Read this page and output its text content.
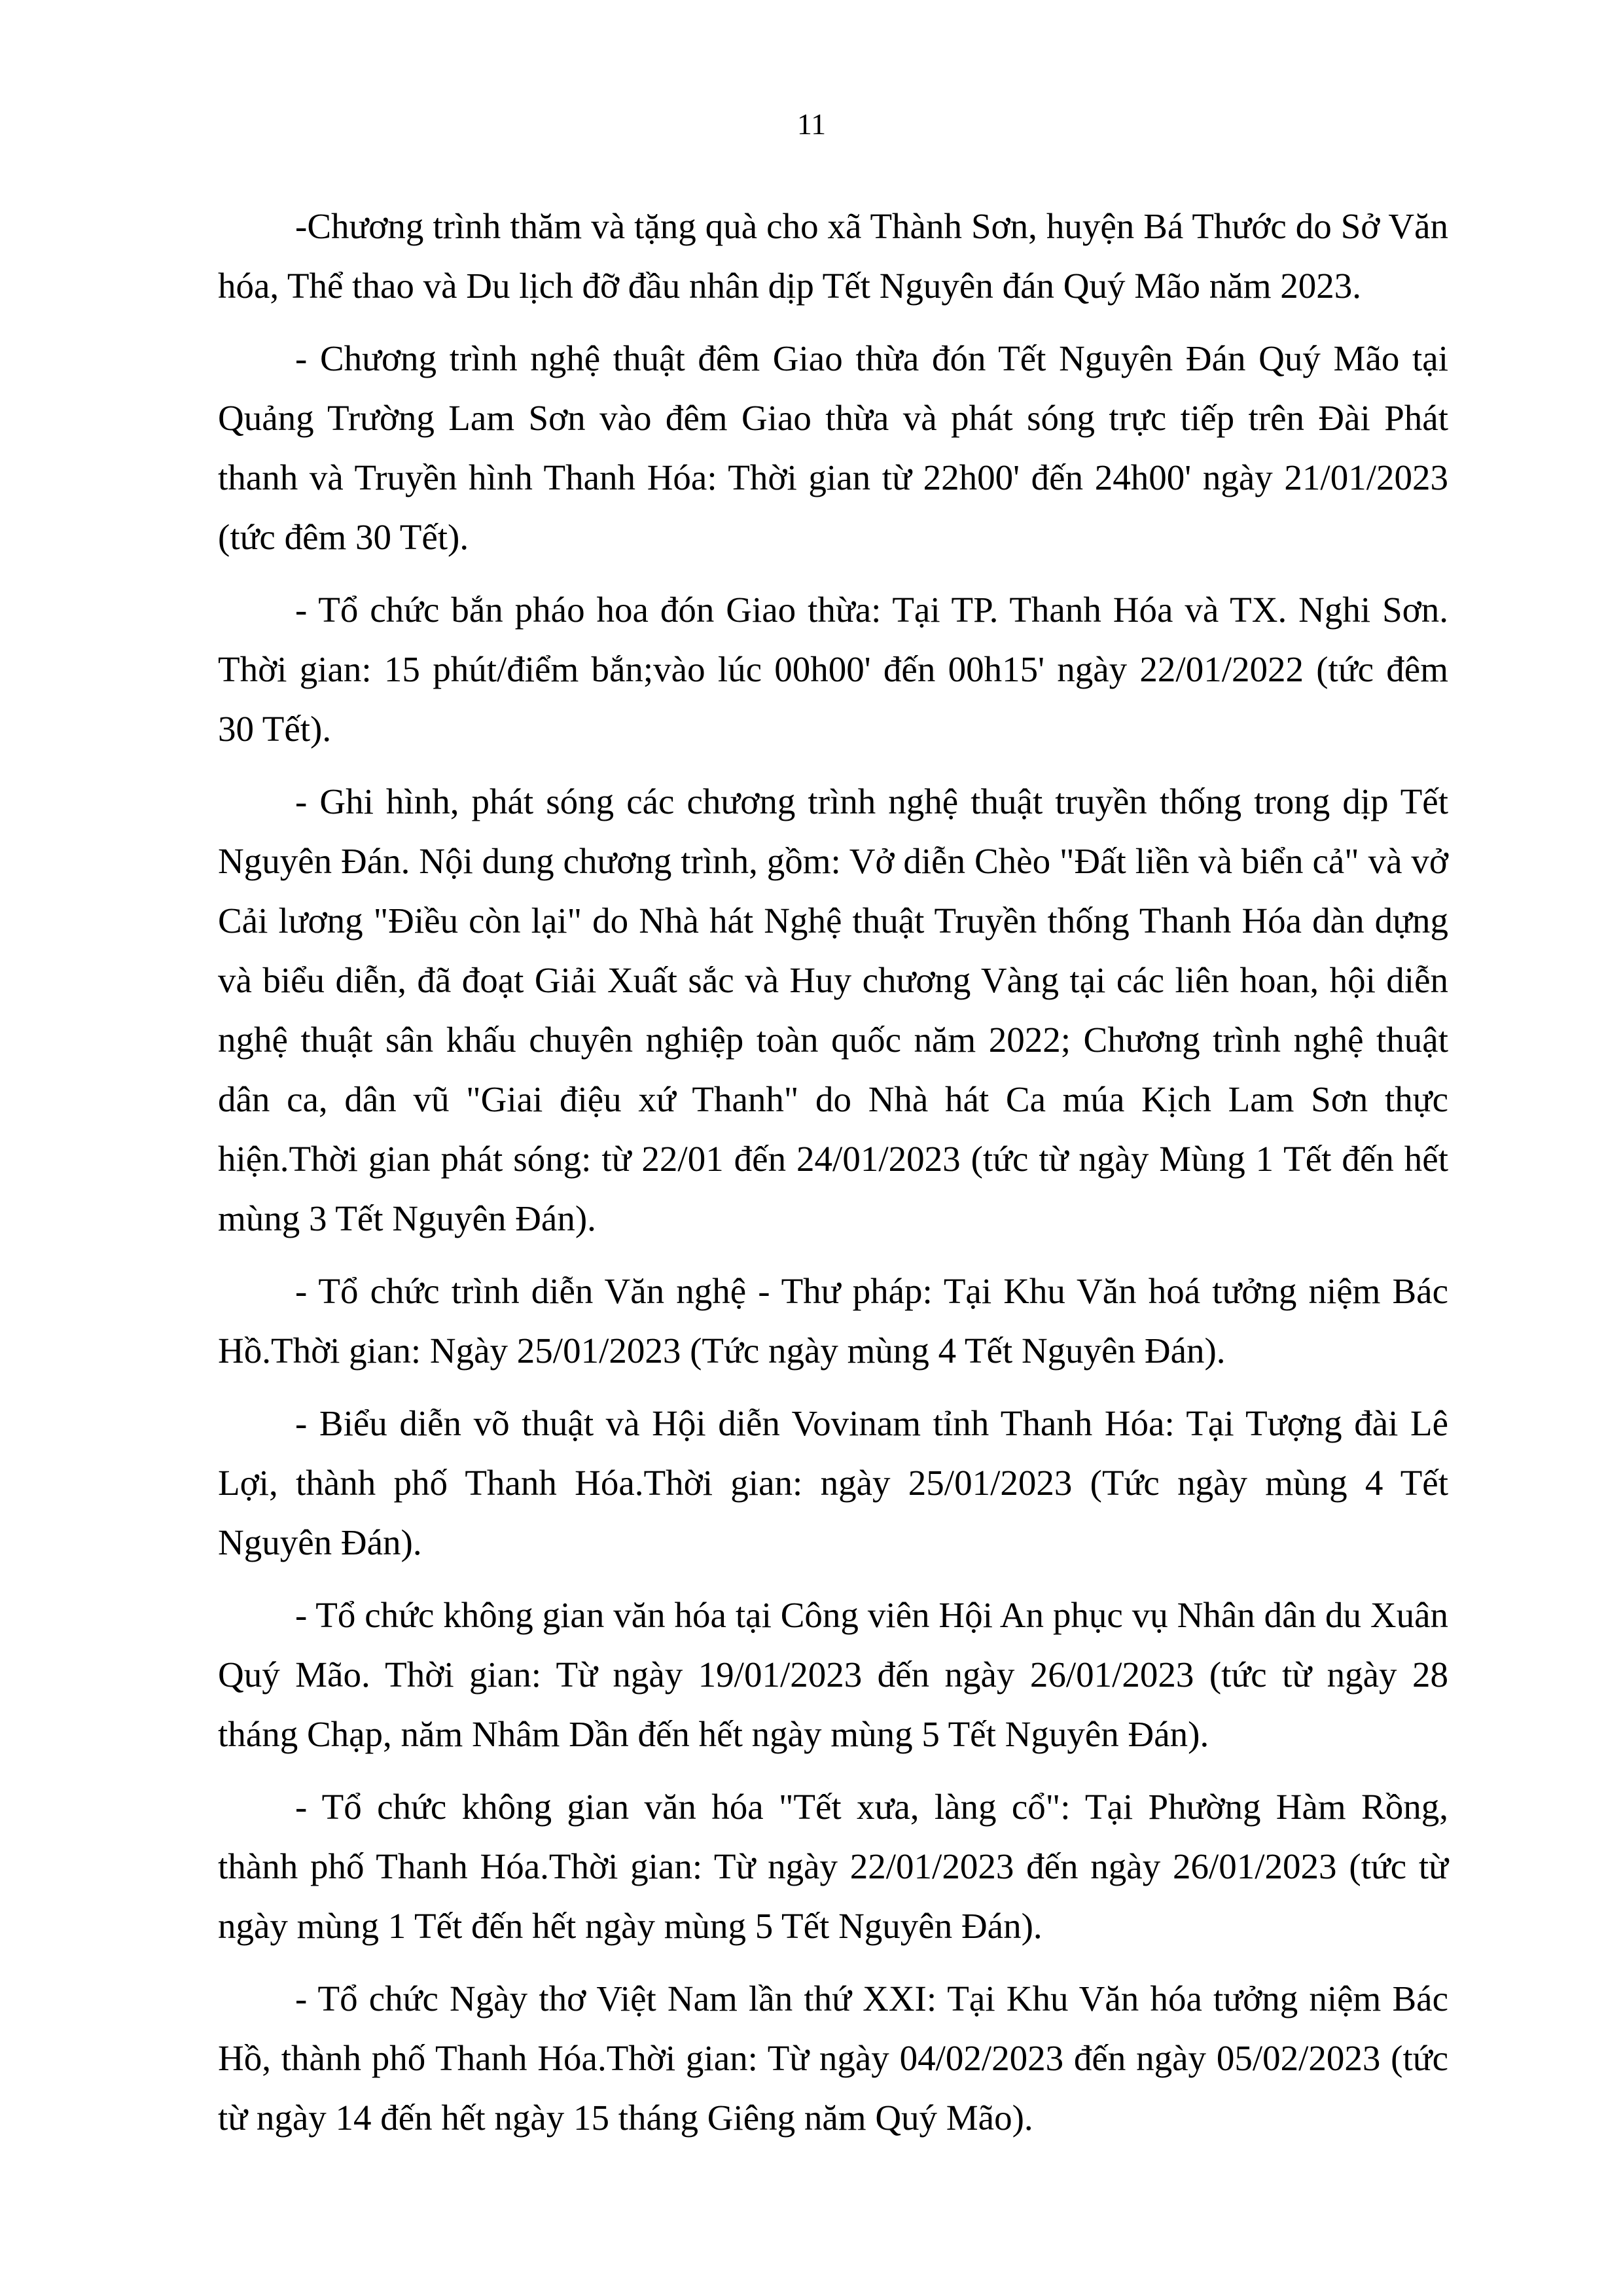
11

-Chương trình thăm và tặng quà cho xã Thành Sơn, huyện Bá Thước do Sở Văn hóa, Thể thao và Du lịch đỡ đầu nhân dịp Tết Nguyên đán Quý Mão năm 2023.

- Chương trình nghệ thuật đêm Giao thừa đón Tết Nguyên Đán Quý Mão tại Quảng Trường Lam Sơn vào đêm Giao thừa và phát sóng trực tiếp trên Đài Phát thanh và Truyền hình Thanh Hóa: Thời gian từ 22h00' đến 24h00' ngày 21/01/2023 (tức đêm 30 Tết).

- Tổ chức bắn pháo hoa đón Giao thừa: Tại TP. Thanh Hóa và TX. Nghi Sơn. Thời gian: 15 phút/điểm bắn;vào lúc 00h00' đến 00h15' ngày 22/01/2022 (tức đêm 30 Tết).

- Ghi hình, phát sóng các chương trình nghệ thuật truyền thống trong dịp Tết Nguyên Đán. Nội dung chương trình, gồm: Vở diễn Chèo "Đất liền và biển cả" và vở Cải lương "Điều còn lại" do Nhà hát Nghệ thuật Truyền thống Thanh Hóa dàn dựng và biểu diễn, đã đoạt Giải Xuất sắc và Huy chương Vàng tại các liên hoan, hội diễn nghệ thuật sân khấu chuyên nghiệp toàn quốc năm 2022; Chương trình nghệ thuật dân ca, dân vũ "Giai điệu xứ Thanh" do Nhà hát Ca múa Kịch Lam Sơn thực hiện.Thời gian phát sóng: từ 22/01 đến 24/01/2023 (tức từ ngày Mùng 1 Tết đến hết mùng 3 Tết Nguyên Đán).

- Tổ chức trình diễn Văn nghệ - Thư pháp: Tại Khu Văn hoá tưởng niệm Bác Hồ.Thời gian: Ngày 25/01/2023 (Tức ngày mùng 4 Tết Nguyên Đán).

- Biểu diễn võ thuật và Hội diễn Vovinam tỉnh Thanh Hóa: Tại Tượng đài Lê Lợi, thành phố Thanh Hóa.Thời gian: ngày 25/01/2023 (Tức ngày mùng 4 Tết Nguyên Đán).

- Tổ chức không gian văn hóa tại Công viên Hội An phục vụ Nhân dân du Xuân Quý Mão. Thời gian: Từ ngày 19/01/2023 đến ngày 26/01/2023 (tức từ ngày 28 tháng Chạp, năm Nhâm Dần đến hết ngày mùng 5 Tết Nguyên Đán).

- Tổ chức không gian văn hóa "Tết xưa, làng cổ": Tại Phường Hàm Rồng, thành phố Thanh Hóa.Thời gian: Từ ngày 22/01/2023 đến ngày 26/01/2023 (tức từ ngày mùng 1 Tết đến hết ngày mùng 5 Tết Nguyên Đán).

- Tổ chức Ngày thơ Việt Nam lần thứ XXI: Tại Khu Văn hóa tưởng niệm Bác Hồ, thành phố Thanh Hóa.Thời gian: Từ ngày 04/02/2023 đến ngày 05/02/2023 (tức từ ngày 14 đến hết ngày 15 tháng Giêng năm Quý Mão).
